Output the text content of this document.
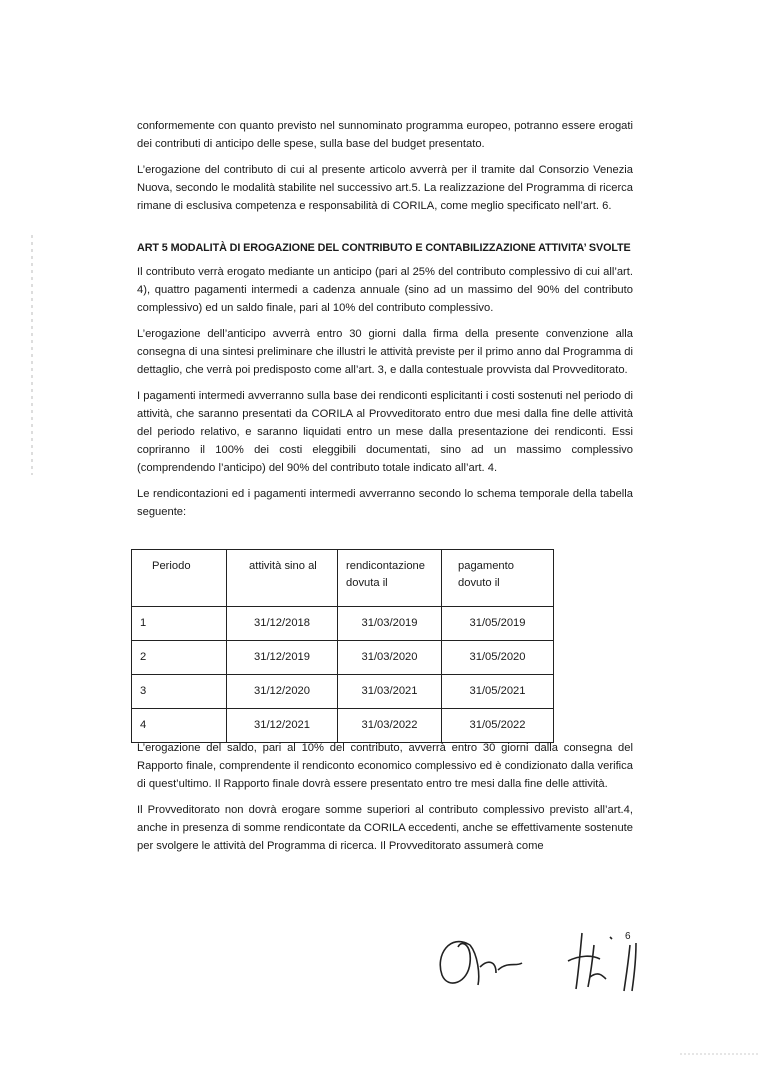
conformemente con quanto previsto nel sunnominato programma europeo, potranno essere erogati dei contributi di anticipo delle spese, sulla base del budget presentato.

L’erogazione del contributo di cui al presente articolo avverrà per il tramite dal Consorzio Venezia Nuova, secondo le modalità stabilite nel successivo art.5. La realizzazione del Programma di ricerca rimane di esclusiva competenza e responsabilità di CORILA, come meglio specificato nell’art. 6.

ART 5 MODALITÀ DI EROGAZIONE DEL CONTRIBUTO E CONTABILIZZAZIONE ATTIVITA’ SVOLTE

Il contributo verrà erogato mediante un anticipo (pari al 25% del contributo complessivo di cui all’art. 4), quattro pagamenti intermedi a cadenza annuale (sino ad un massimo del 90% del contributo complessivo) ed un saldo finale, pari al 10% del contributo complessivo.

L’erogazione dell’anticipo avverrà entro 30 giorni dalla firma della presente convenzione alla consegna di una sintesi preliminare che illustri le attività previste per il primo anno dal Programma di dettaglio, che verrà poi predisposto come all’art. 3, e dalla contestuale provvista dal Provveditorato.

I pagamenti intermedi avverranno sulla base dei rendiconti esplicitanti i costi sostenuti nel periodo di attività, che saranno presentati da CORILA al Provveditorato entro due mesi dalla fine delle attività del periodo relativo, e saranno liquidati entro un mese dalla presentazione dei rendiconti. Essi copriranno il 100% dei costi eleggibili documentati, sino ad un massimo complessivo (comprendendo l’anticipo) del 90% del contributo totale indicato all’art. 4.

Le rendicontazioni ed i pagamenti intermedi avverranno secondo lo schema temporale della tabella seguente:

Periodo	attività sino al	rendicontazione dovuta il	pagamento dovuto il
1	31/12/2018	31/03/2019	31/05/2019
2	31/12/2019	31/03/2020	31/05/2020
3	31/12/2020	31/03/2021	31/05/2021
4	31/12/2021	31/03/2022	31/05/2022

L’erogazione del saldo, pari al 10% del contributo, avverrà entro 30 giorni dalla consegna del Rapporto finale, comprendente il rendiconto economico complessivo ed è condizionato dalla verifica di quest’ultimo. Il Rapporto finale dovrà essere presentato entro tre mesi dalla fine delle attività.

Il Provveditorato non dovrà erogare somme superiori al contributo complessivo previsto all’art.4, anche in presenza di somme rendicontate da CORILA eccedenti, anche se effettivamente sostenute per svolgere le attività del Programma di ricerca. Il Provveditorato assumerà come

6
